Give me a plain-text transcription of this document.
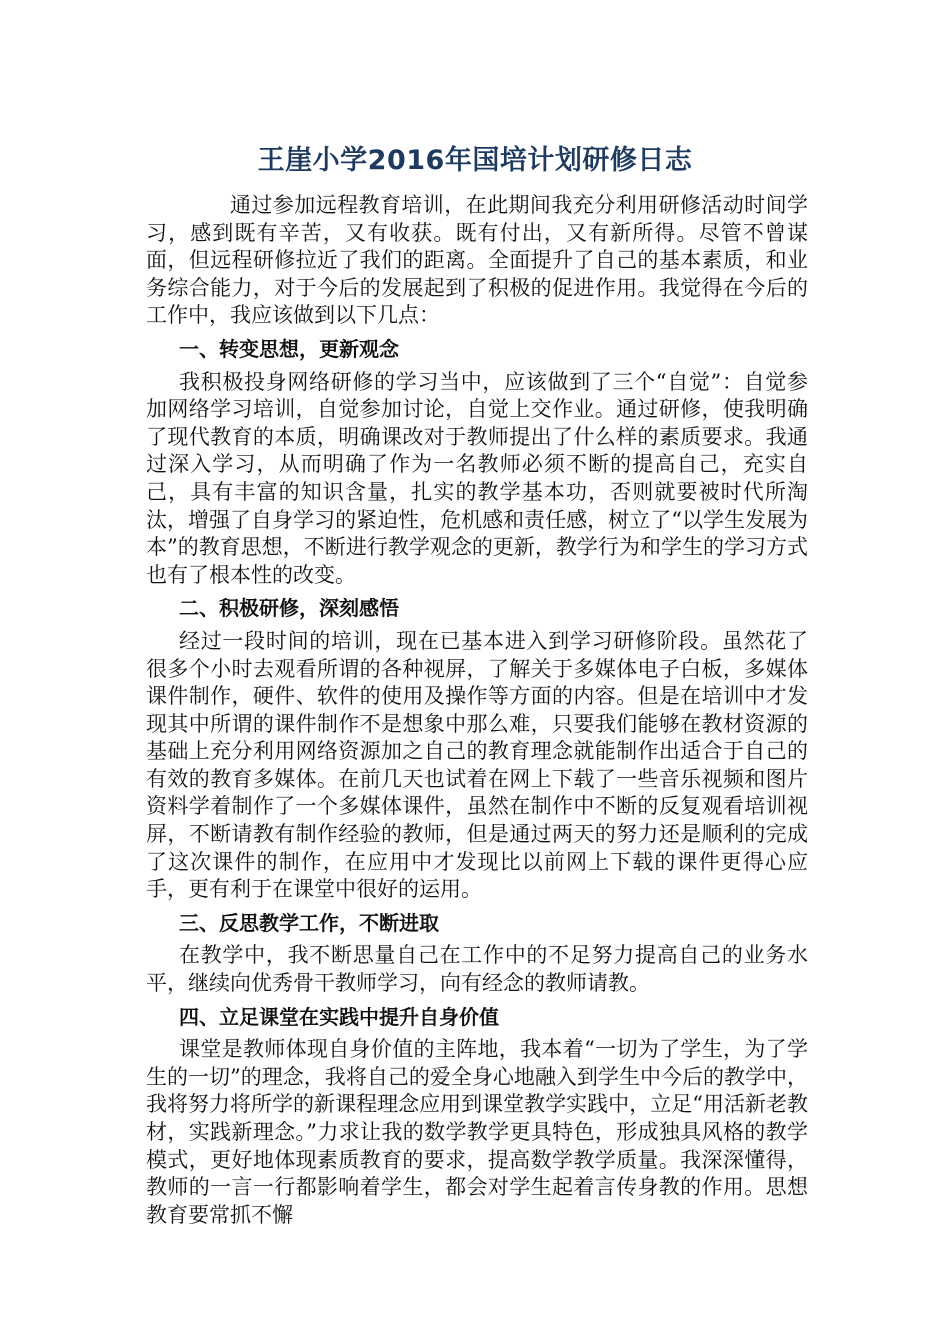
王崖小学2016年国培计划研修日志

通过参加远程教育培训，在此期间我充分利用研修活动时间学习，感到既有辛苦，又有收获。既有付出，又有新所得。尽管不曾谋面，但远程研修拉近了我们的距离。全面提升了自己的基本素质，和业务综合能力，对于今后的发展起到了积极的促进作用。我觉得在今后的工作中，我应该做到以下几点：

一、转变思想，更新观念

我积极投身网络研修的学习当中，应该做到了三个“自觉”：自觉参加网络学习培训，自觉参加讨论，自觉上交作业。通过研修，使我明确了现代教育的本质，明确课改对于教师提出了什么样的素质要求。我通过深入学习，从而明确了作为一名教师必须不断的提高自己，充实自己，具有丰富的知识含量，扎实的教学基本功，否则就要被时代所淘汰，增强了自身学习的紧迫性，危机感和责任感，树立了“以学生发展为本”的教育思想，不断进行教学观念的更新，教学行为和学生的学习方式也有了根本性的改变。

二、积极研修，深刻感悟

经过一段时间的培训，现在已基本进入到学习研修阶段。虽然花了很多个小时去观看所谓的各种视屏，了解关于多媒体电子白板，多媒体课件制作，硬件、软件的使用及操作等方面的内容。但是在培训中才发现其中所谓的课件制作不是想象中那么难，只要我们能够在教材资源的基础上充分利用网络资源加之自己的教育理念就能制作出适合于自己的有效的教育多媒体。在前几天也试着在网上下载了一些音乐视频和图片资料学着制作了一个多媒体课件，虽然在制作中不断的反复观看培训视屏，不断请教有制作经验的教师，但是通过两天的努力还是顺利的完成了这次课件的制作，在应用中才发现比以前网上下载的课件更得心应手，更有利于在课堂中很好的运用。

三、反思教学工作，不断进取

在教学中，我不断思量自己在工作中的不足努力提高自己的业务水平，继续向优秀骨干教师学习，向有经念的教师请教。

四、立足课堂在实践中提升自身价值

课堂是教师体现自身价值的主阵地，我本着“一切为了学生，为了学生的一切”的理念，我将自己的爱全身心地融入到学生中今后的教学中，我将努力将所学的新课程理念应用到课堂教学实践中，立足“用活新老教材，实践新理念。”力求让我的数学教学更具特色，形成独具风格的教学模式，更好地体现素质教育的要求，提高数学教学质量。我深深懂得，教师的一言一行都影响着学生，都会对学生起着言传身教的作用。思想教育要常抓不懈
